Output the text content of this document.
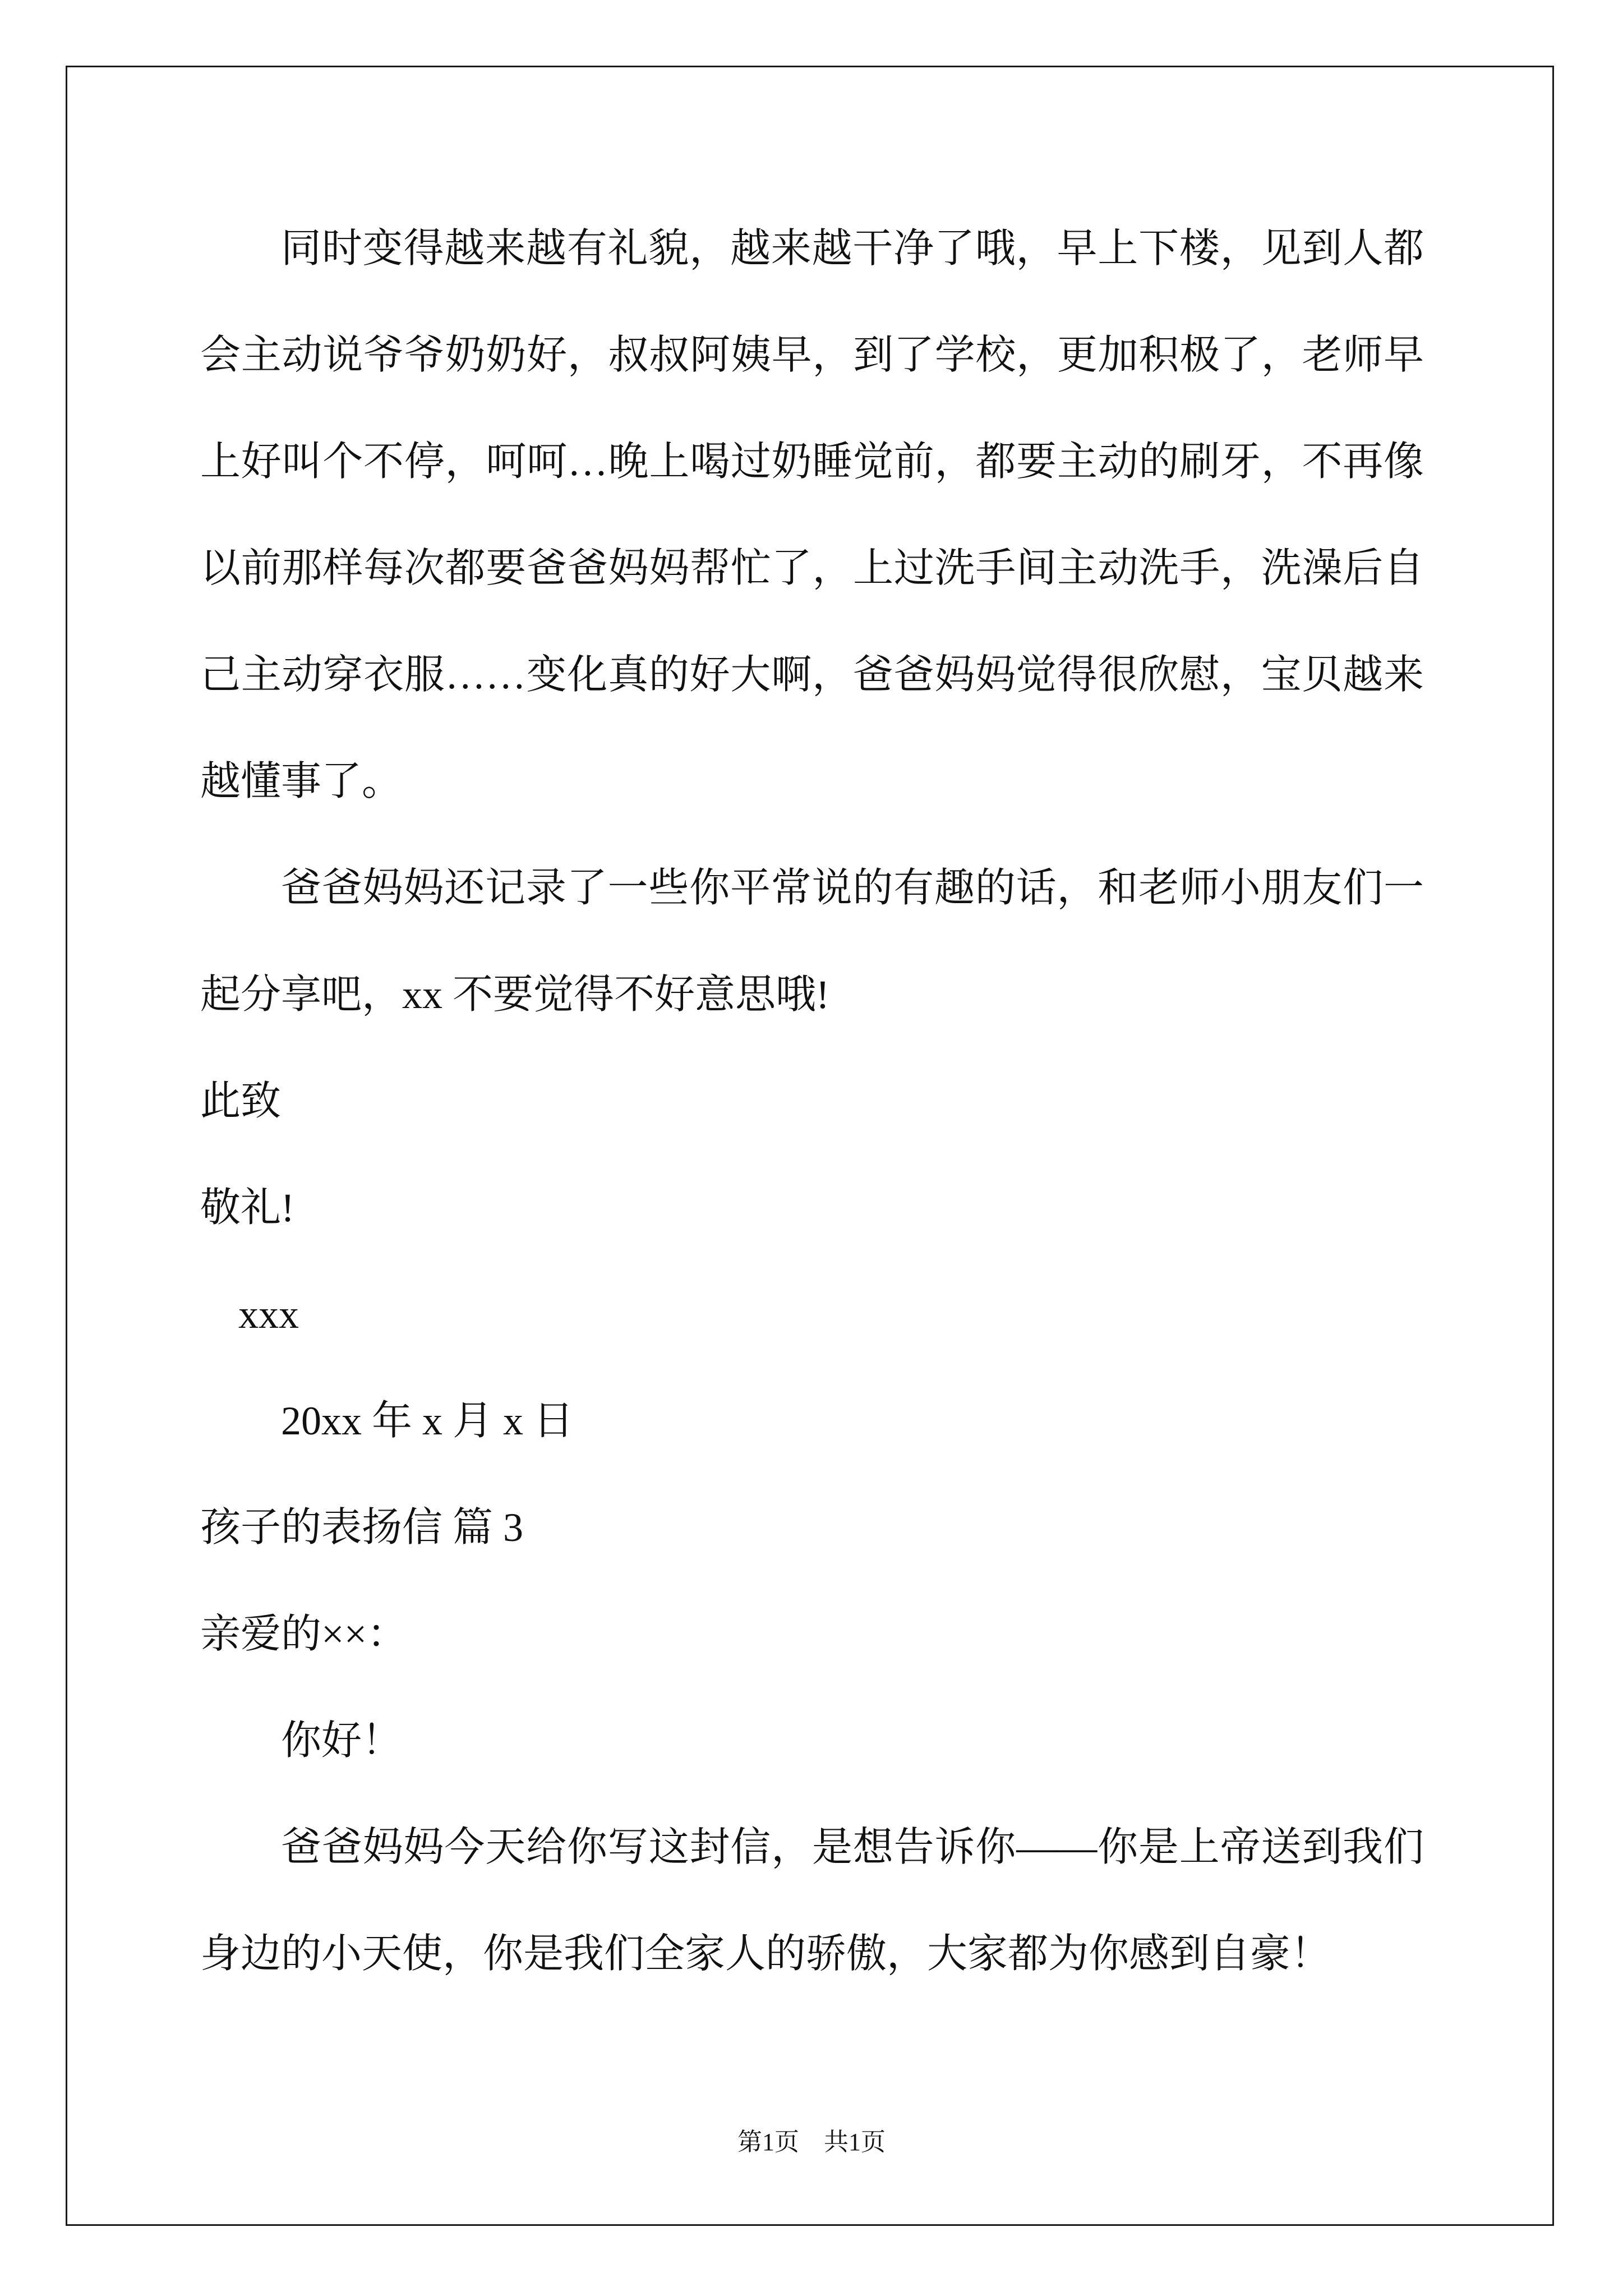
同时变得越来越有礼貌，越来越干净了哦，早上下楼，见到人都
会主动说爷爷奶奶好，叔叔阿姨早，到了学校，更加积极了，老师早
上好叫个不停，呵呵…晚上喝过奶睡觉前，都要主动的刷牙，不再像
以前那样每次都要爸爸妈妈帮忙了，上过洗手间主动洗手，洗澡后自
己主动穿衣服……变化真的好大啊，爸爸妈妈觉得很欣慰，宝贝越来
越懂事了。
爸爸妈妈还记录了一些你平常说的有趣的话，和老师小朋友们一
起分享吧，xx 不要觉得不好意思哦!
此致
敬礼!
xxx
20xx 年 x 月 x 日
孩子的表扬信 篇 3
亲爱的××：
你好！
爸爸妈妈今天给你写这封信，是想告诉你——你是上帝送到我们
身边的小天使，你是我们全家人的骄傲，大家都为你感到自豪！
第1页 共1页
